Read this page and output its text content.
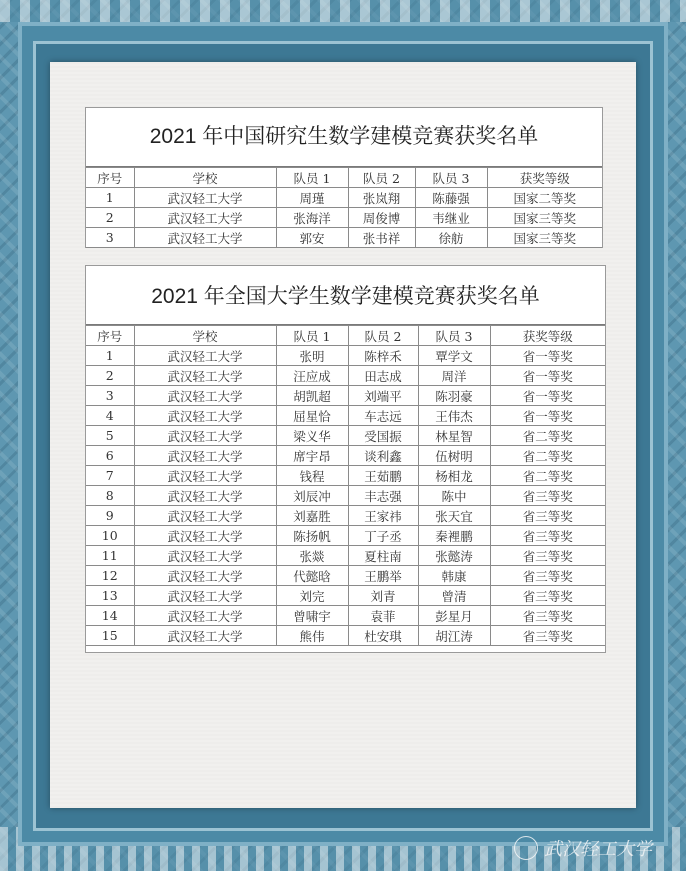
2021 年中国研究生数学建模竞赛获奖名单
序号	学校	队员 1	队员 2	队员 3	获奖等级
1	武汉轻工大学	周瑾	张岚翔	陈藤强	国家二等奖
2	武汉轻工大学	张海洋	周俊博	韦继业	国家三等奖
3	武汉轻工大学	郭安	张书祥	徐舫	国家三等奖
2021 年全国大学生数学建模竞赛获奖名单
序号	学校	队员 1	队员 2	队员 3	获奖等级
1	武汉轻工大学	张明	陈梓禾	覃学文	省一等奖
2	武汉轻工大学	汪应成	田志成	周洋	省一等奖
3	武汉轻工大学	胡凯超	刘端平	陈羽豪	省一等奖
4	武汉轻工大学	屈星恰	车志远	王伟杰	省一等奖
5	武汉轻工大学	梁义华	受国振	林星智	省二等奖
6	武汉轻工大学	席宇昂	谈利鑫	伍树明	省二等奖
7	武汉轻工大学	钱程	王茹鹏	杨相龙	省二等奖
8	武汉轻工大学	刘辰冲	丰志强	陈中	省三等奖
9	武汉轻工大学	刘嘉胜	王家祎	张天宜	省三等奖
10	武汉轻工大学	陈扬帆	丁子丞	秦裡鹏	省三等奖
11	武汉轻工大学	张燚	夏柱南	张懿涛	省三等奖
12	武汉轻工大学	代懿晗	王鹏举	韩康	省三等奖
13	武汉轻工大学	刘完	刘青	曾清	省三等奖
14	武汉轻工大学	曾啸宇	袁菲	彭星月	省三等奖
15	武汉轻工大学	熊伟	杜安琪	胡江涛	省三等奖
武汉轻工大学
